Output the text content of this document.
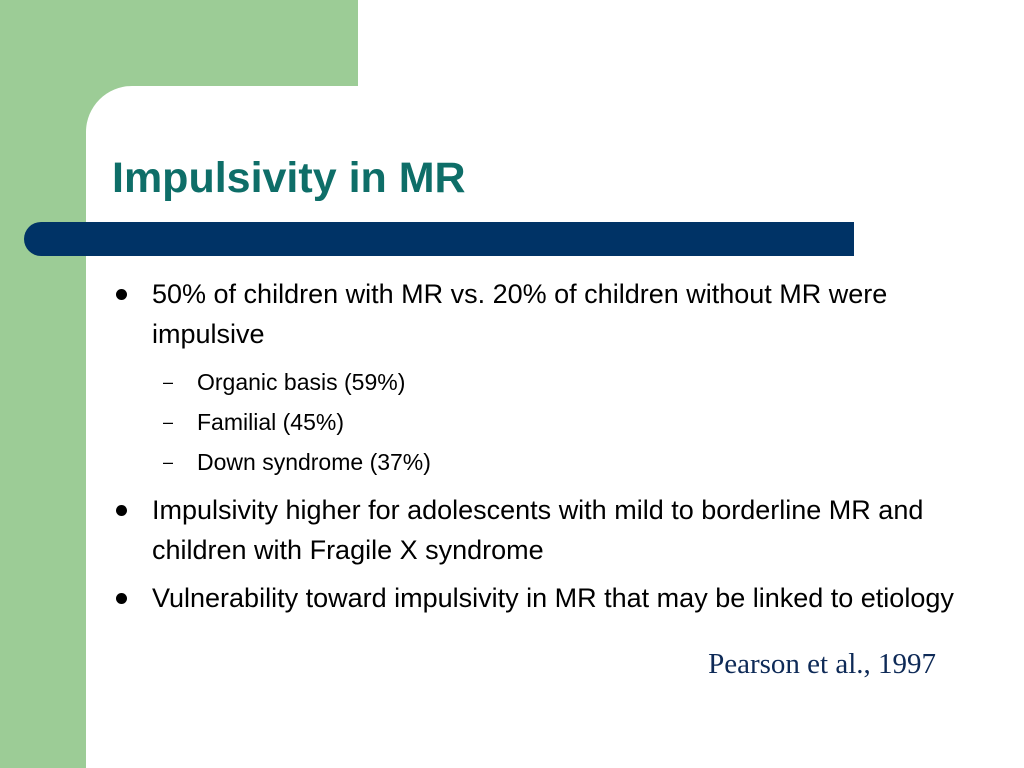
Impulsivity in MR
50% of children with MR vs. 20% of children without MR were impulsive
– Organic basis (59%)
– Familial (45%)
– Down syndrome (37%)
Impulsivity higher for adolescents with mild to borderline MR and children with Fragile X syndrome
Vulnerability toward impulsivity in MR that may be linked to etiology
Pearson et al., 1997
